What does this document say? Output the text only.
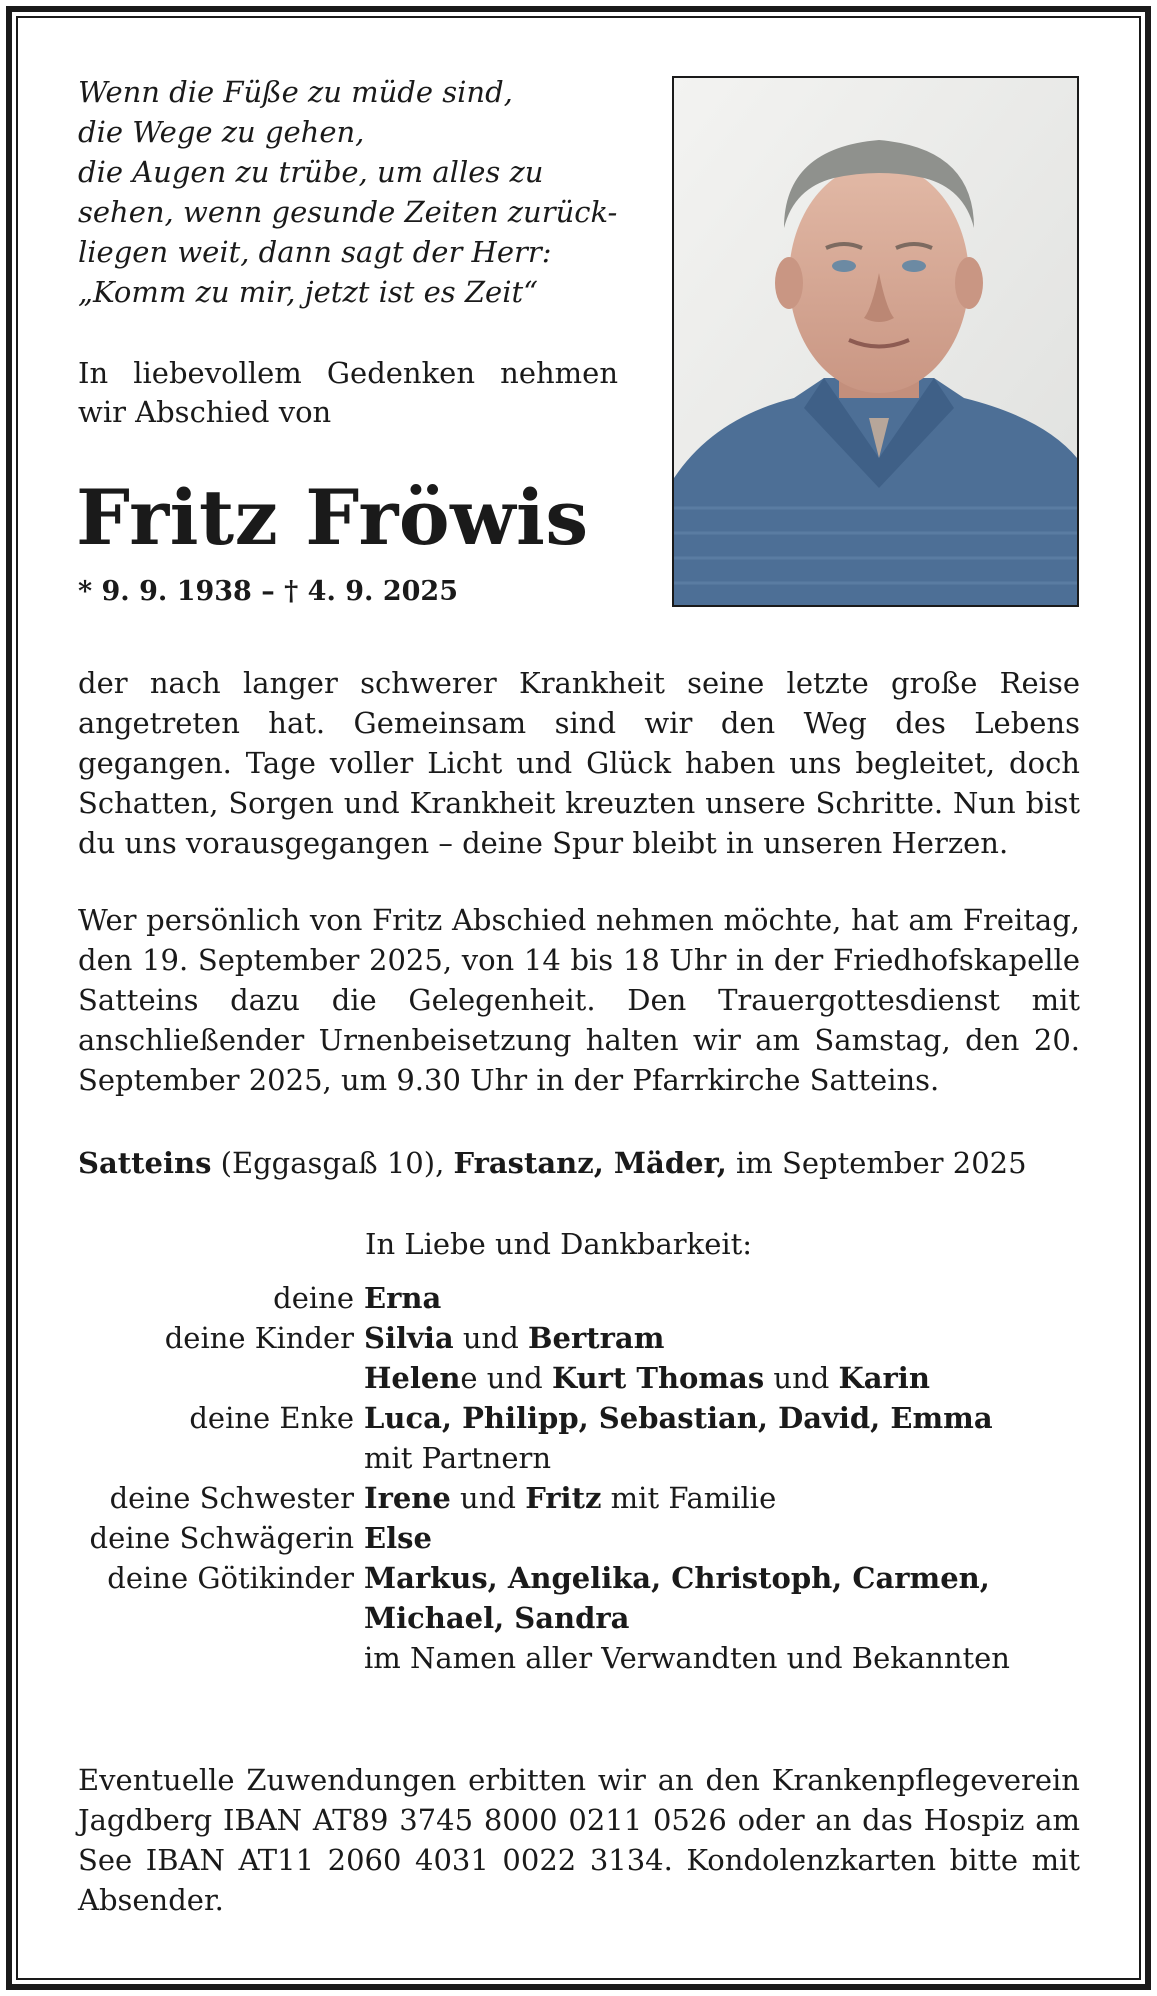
Wenn die Füße zu müde sind,
die Wege zu gehen,
die Augen zu trübe, um alles zu
sehen, wenn gesunde Zeiten zurück-
liegen weit, dann sagt der Herr:
„Komm zu mir, jetzt ist es Zeit“

In liebevollem Gedenken nehmen wir Abschied von

Fritz Fröwis

* 9. 9. 1938 – † 4. 9. 2025

der nach langer schwerer Krankheit seine letzte große Reise angetreten hat. Gemeinsam sind wir den Weg des Lebens gegangen. Tage voller Licht und Glück haben uns begleitet, doch Schatten, Sorgen und Krankheit kreuzten unsere Schritte. Nun bist du uns vorausgegangen – deine Spur bleibt in unseren Herzen.

Wer persönlich von Fritz Abschied nehmen möchte, hat am Freitag, den 19. September 2025, von 14 bis 18 Uhr in der Friedhofskapelle Satteins dazu die Gelegenheit. Den Trauergottesdienst mit anschließender Urnenbeisetzung halten wir am Samstag, den 20. September 2025, um 9.30 Uhr in der Pfarrkirche Satteins.

Satteins (Eggasgaß 10), Frastanz, Mäder, im September 2025

In Liebe und Dankbarkeit:

deine Erna
deine Kinder Silvia und Bertram
Helene und Kurt Thomas und Karin
deine Enke Luca, Philipp, Sebastian, David, Emma
mit Partnern
deine Schwester Irene und Fritz mit Familie
deine Schwägerin Else
deine Götikinder Markus, Angelika, Christoph, Carmen,
Michael, Sandra
im Namen aller Verwandten und Bekannten

Eventuelle Zuwendungen erbitten wir an den Krankenpflegeverein Jagdberg IBAN AT89 3745 8000 0211 0526 oder an das Hospiz am See IBAN AT11 2060 4031 0022 3134. Kondolenzkarten bitte mit Absender.
